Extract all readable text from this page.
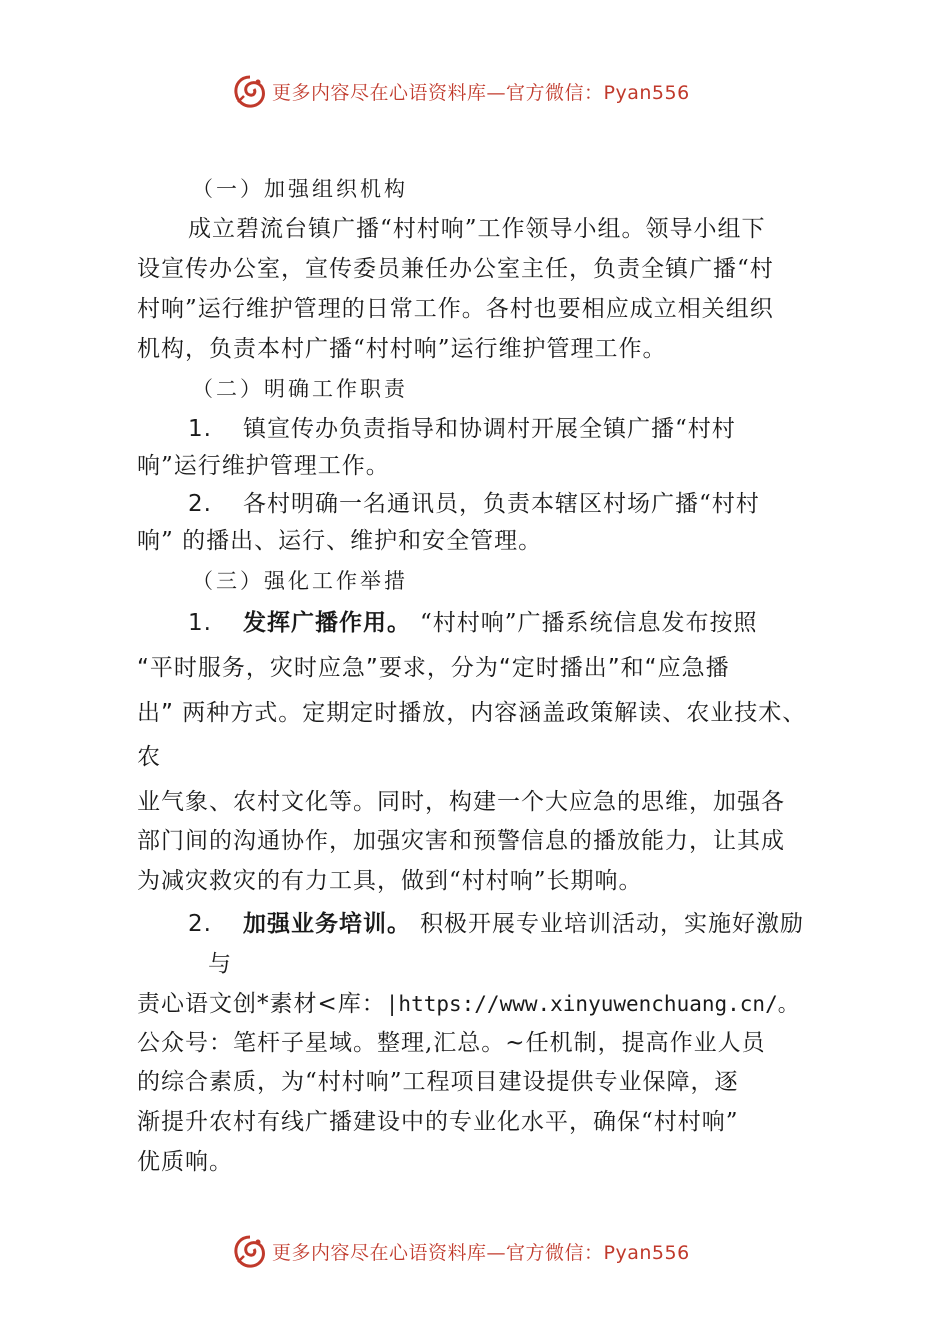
更多内容尽在心语资料库—官方微信：Pyan556
（一）加强组织机构
成立碧流台镇广播“村村响”工作领导小组。领导小组下
设宣传办公室，宣传委员兼任办公室主任，负责全镇广播“村
村响”运行维护管理的日常工作。各村也要相应成立相关组织
机构，负责本村广播“村村响”运行维护管理工作。
（二）明确工作职责
1. 镇宣传办负责指导和协调村开展全镇广播“村村
响”运行维护管理工作。
2. 各村明确一名通讯员，负责本辖区村场广播“村村
响” 的播出、运行、维护和安全管理。
（三）强化工作举措
1. 发挥广播作用。 “村村响”广播系统信息发布按照
“平时服务，灾时应急”要求，分为“定时播出”和“应急播
出” 两种方式。定期定时播放，内容涵盖政策解读、农业技术、
农
业气象、农村文化等。同时，构建一个大应急的思维，加强各
部门间的沟通协作，加强灾害和预警信息的播放能力，让其成
为减灾救灾的有力工具，做到“村村响”长期响。
2. 加强业务培训。 积极开展专业培训活动，实施好激励
与
责心语文创*素材<库：|https://www.xinyuwenchuang.cn/。
公众号：笔杆子星域。整理,汇总。~任机制，提高作业人员
的综合素质，为“村村响”工程项目建设提供专业保障，逐
渐提升农村有线广播建设中的专业化水平，确保“村村响”
优质响。
更多内容尽在心语资料库—官方微信：Pyan556
